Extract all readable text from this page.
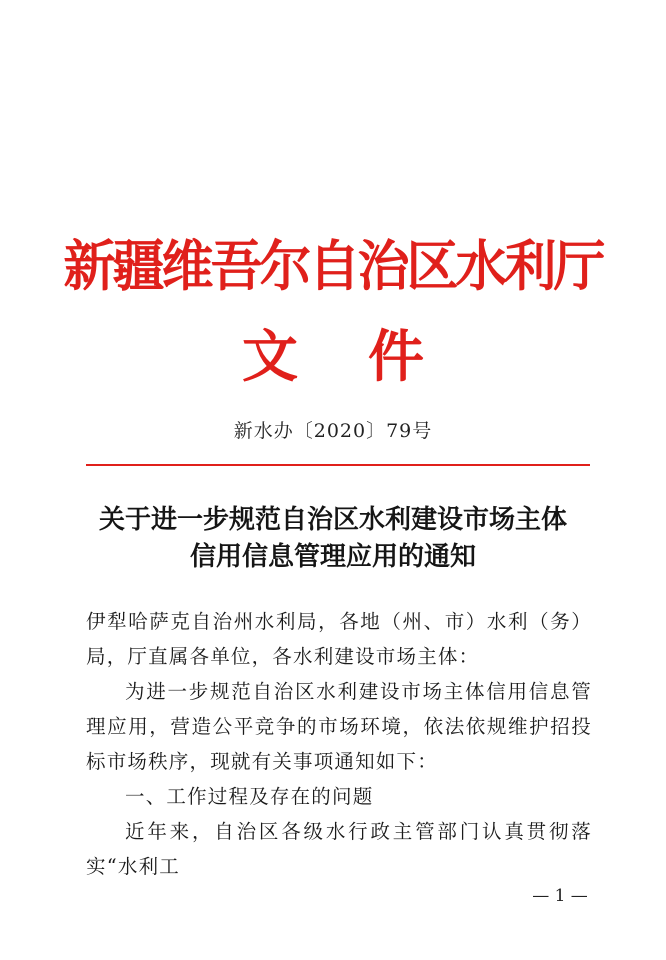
新疆维吾尔自治区水利厅
文件
新水办〔2020〕79号
关于进一步规范自治区水利建设市场主体
信用信息管理应用的通知

伊犁哈萨克自治州水利局，各地（州、市）水利（务）局，厅直属各单位，各水利建设市场主体：

为进一步规范自治区水利建设市场主体信用信息管理应用，营造公平竞争的市场环境，依法依规维护招投标市场秩序，现就有关事项通知如下：

一、工作过程及存在的问题

近年来，自治区各级水行政主管部门认真贯彻落实“水利工

— 1 —
